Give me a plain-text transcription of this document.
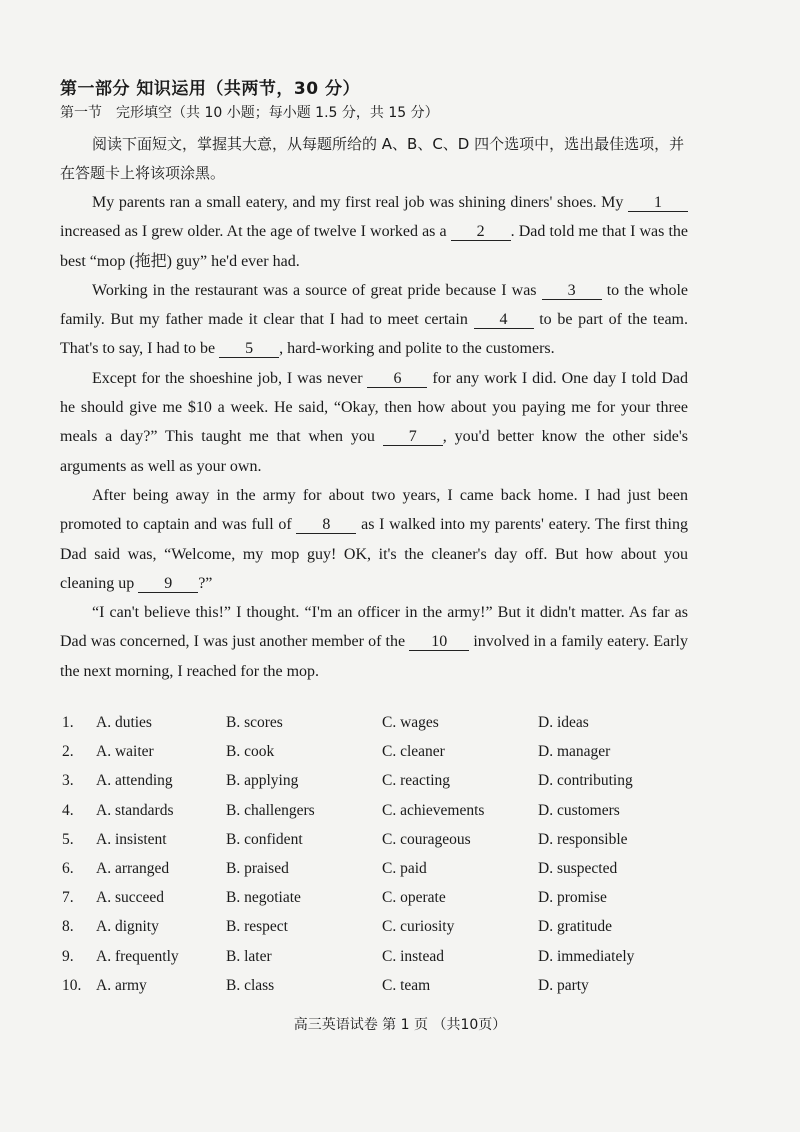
第一部分 知识运用（共两节，30 分）
第一节　完形填空（共 10 小题；每小题 1.5 分，共 15 分）

阅读下面短文，掌握其大意，从每题所给的 A、B、C、D 四个选项中，选出最佳选项，并在答题卡上将该项涂黑。

My parents ran a small eatery, and my first real job was shining diners' shoes. My 1 increased as I grew older. At the age of twelve I worked as a 2 . Dad told me that I was the best “mop (拖把) guy” he'd ever had.

Working in the restaurant was a source of great pride because I was 3 to the whole family. But my father made it clear that I had to meet certain 4 to be part of the team. That's to say, I had to be 5 , hard-working and polite to the customers.

Except for the shoeshine job, I was never 6 for any work I did. One day I told Dad he should give me $10 a week. He said, “Okay, then how about you paying me for your three meals a day?” This taught me that when you 7 , you'd better know the other side's arguments as well as your own.

After being away in the army for about two years, I came back home. I had just been promoted to captain and was full of 8 as I walked into my parents' eatery. The first thing Dad said was, “Welcome, my mop guy! OK, it's the cleaner's day off. But how about you cleaning up 9 ?”

“I can't believe this!” I thought. “I'm an officer in the army!” But it didn't matter. As far as Dad was concerned, I was just another member of the 10 involved in a family eatery. Early the next morning, I reached for the mop.

1.	A. duties	B. scores	C. wages	D. ideas
2.	A. waiter	B. cook	C. cleaner	D. manager
3.	A. attending	B. applying	C. reacting	D. contributing
4.	A. standards	B. challengers	C. achievements	D. customers
5.	A. insistent	B. confident	C. courageous	D. responsible
6.	A. arranged	B. praised	C. paid	D. suspected
7.	A. succeed	B. negotiate	C. operate	D. promise
8.	A. dignity	B. respect	C. curiosity	D. gratitude
9.	A. frequently	B. later	C. instead	D. immediately
10. A. army	B. class	C. team	D. party
高三英语试卷 第 1 页 （共10页）
